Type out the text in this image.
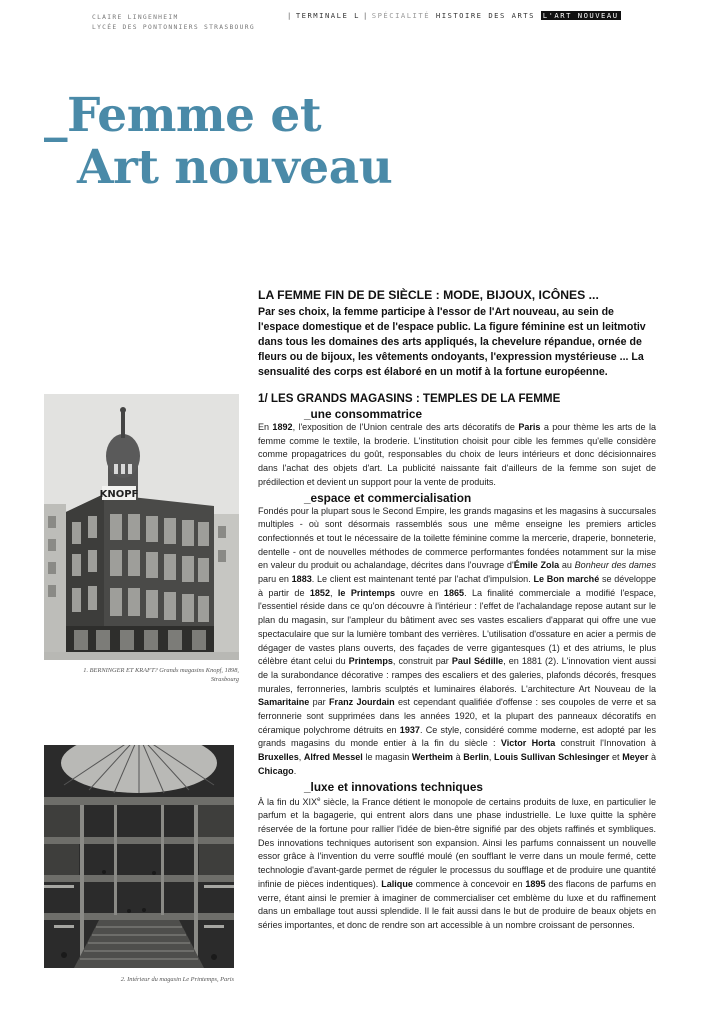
CLAIRE LINGENHEIM
LYCÉE DES PONTONNIERS STRASBOURG
| TERMINALE L | SPÉCIALITÉ HISTOIRE DES ARTS L'ART NOUVEAU
_Femme et
Art nouveau
LA FEMME FIN DE DE SIÈCLE : MODE, BIJOUX, ICÔNES ...

Par ses choix, la femme participe à l'essor de l'Art nouveau, au sein de l'espace domestique et de l'espace public. La figure féminine est un leitmotiv dans tous les domaines des arts appliqués, la chevelure répandue, ornée de fleurs ou de bijoux, les vêtements ondoyants, l'expression mystérieuse ... La sensualité des corps est élaboré en un motif à la fortune européenne.

1/ LES GRANDS MAGASINS : TEMPLES DE LA FEMME
_une consommatrice

En 1892, l'exposition de l'Union centrale des arts décoratifs de Paris a pour thème les arts de la femme comme le textile, la broderie. L'institution choisit pour cible les femmes qu'elle considère comme propagatrices du goût, responsables du choix de leurs intérieurs et donc décisionnaires dans l'achat des objets d'art. La publicité naissante fait d'ailleurs de la femme son sujet de prédilection et devient un support pour la vente de produits.

_espace et commercialisation

Fondés pour la plupart sous le Second Empire, les grands magasins et les magasins à succursales multiples - où sont désormais rassemblés sous une même enseigne les premiers articles confectionnés et tout le nécessaire de la toilette féminine comme la mercerie, draperie, bonneterie, dentelle - ont de nouvelles méthodes de commerce performantes fondées notamment sur la mise en valeur du produit ou achalandage, décrites dans l'ouvrage d'Émile Zola au Bonheur des dames paru en 1883. Le client est maintenant tenté par l'achat d'impulsion. Le Bon marché se développe à partir de 1852, le Printemps ouvre en 1865. La finalité commerciale a modifié l'espace, l'essentiel réside dans ce qu'on découvre à l'intérieur : l'effet de l'achalandage repose autant sur le plan du magasin, sur l'ampleur du bâtiment avec ses vastes escaliers d'apparat qui offre une vue spectaculaire que sur la lumière tombant des verrières. L'utilisation d'ossature en acier a permis de dégager de vastes plans ouverts, des façades de verre gigantesques (1) et des atriums, le plus célèbre étant celui du Printemps, construit par Paul Sédille, en 1881 (2). L'innovation vient aussi de la surabondance décorative : rampes des escaliers et des galeries, plafonds décorés, fresques murales, ferronneries, lambris sculptés et luminaires élaborés. L'architecture Art Nouveau de la Samaritaine par Franz Jourdain est cependant qualifiée d'offense : ses coupoles de verre et sa ferronnerie sont supprimées dans les années 1920, et la plupart des panneaux décoratifs en céramique polychrome détruits en 1937. Ce style, considéré comme moderne, est adopté par les grands magasins du monde entier à la fin du siècle : Victor Horta construit l'Innovation à Bruxelles, Alfred Messel le magasin Wertheim à Berlin, Louis Sullivan Schlesinger et Meyer à Chicago.

_luxe et innovations techniques

À la fin du XIXe siècle, la France détient le monopole de certains produits de luxe, en particulier le parfum et la bagagerie, qui entrent alors dans une phase industrielle. Le luxe quitte la sphère réservée de la fortune pour rallier l'idée de bien-être signifié par des objets raffinés et symbliques. Des innovations techniques autorisent son expansion. Ainsi les parfums connaissent un nouvelle essor grâce à l'invention du verre soufflé moulé (en soufflant le verre dans un moule fermé, cette technologie d'avant-garde permet de réguler le processus du soufflage et de produire une quantité infinie de pièces indentiques). Lalique commence à concevoir en 1895 des flacons de parfums en verre, étant ainsi le premier à imaginer de commercialiser cet emblème du luxe et du raffinement dans un emballage tout aussi splendide. Il le fait aussi dans le but de produire de beaux objets en séries importantes, et donc de rendre son art accessible à un nombre croissant de personnes.

KNOPF
1. BERNINGER ET KRAFT? Grands magasins Knopf, 1898,
Strasbourg
2. Intérieur du magasin Le Printemps, Paris
